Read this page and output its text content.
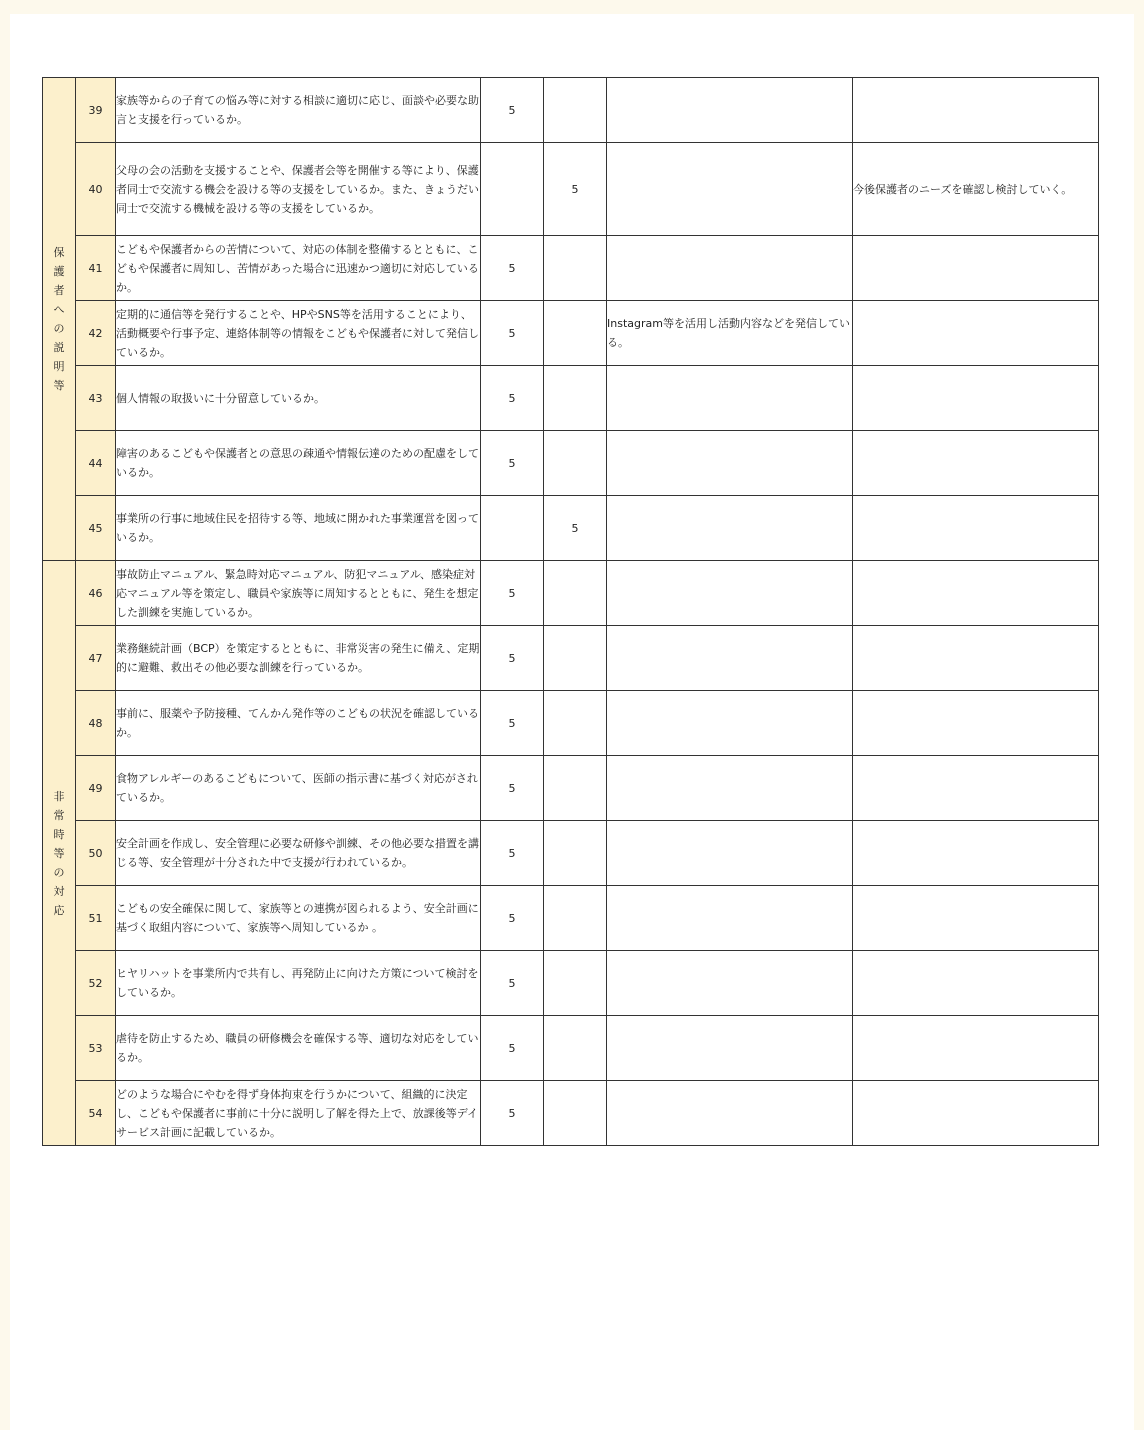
保護者への説明等	39	家族等からの子育ての悩み等に対する相談に適切に応じ、面談や必要な助言と支援を行っているか。	5			
	40	父母の会の活動を支援することや、保護者会等を開催する等により、保護者同士で交流する機会を設ける等の支援をしているか。また、きょうだい同士で交流する機械を設ける等の支援をしているか。		5		今後保護者のニーズを確認し検討していく。
	41	こどもや保護者からの苦情について、対応の体制を整備するとともに、こどもや保護者に周知し、苦情があった場合に迅速かつ適切に対応しているか。	5			
	42	定期的に通信等を発行することや、HPやSNS等を活用することにより、活動概要や行事予定、連絡体制等の情報をこどもや保護者に対して発信しているか。	5		Instagram等を活用し活動内容などを発信している。	
	43	個人情報の取扱いに十分留意しているか。	5			
	44	障害のあるこどもや保護者との意思の疎通や情報伝達のための配慮をしているか。	5			
	45	事業所の行事に地域住民を招待する等、地域に開かれた事業運営を図っているか。		5		
非常時等の対応	46	事故防止マニュアル、緊急時対応マニュアル、防犯マニュアル、感染症対応マニュアル等を策定し、職員や家族等に周知するとともに、発生を想定した訓練を実施しているか。	5			
	47	業務継続計画（BCP）を策定するとともに、非常災害の発生に備え、定期的に避難、救出その他必要な訓練を行っているか。	5			
	48	事前に、服薬や予防接種、てんかん発作等のこどもの状況を確認しているか。	5			
	49	食物アレルギーのあるこどもについて、医師の指示書に基づく対応がされているか。	5			
	50	安全計画を作成し、安全管理に必要な研修や訓練、その他必要な措置を講じる等、安全管理が十分された中で支援が行われているか。	5			
	51	こどもの安全確保に関して、家族等との連携が図られるよう、安全計画に基づく取組内容について、家族等へ周知しているか 。	5			
	52	ヒヤリハットを事業所内で共有し、再発防止に向けた方策について検討をしているか。	5			
	53	虐待を防止するため、職員の研修機会を確保する等、適切な対応をしているか。	5			
	54	どのような場合にやむを得ず身体拘束を行うかについて、組織的に決定し、こどもや保護者に事前に十分に説明し了解を得た上で、放課後等デイサービス計画に記載しているか。	5			
